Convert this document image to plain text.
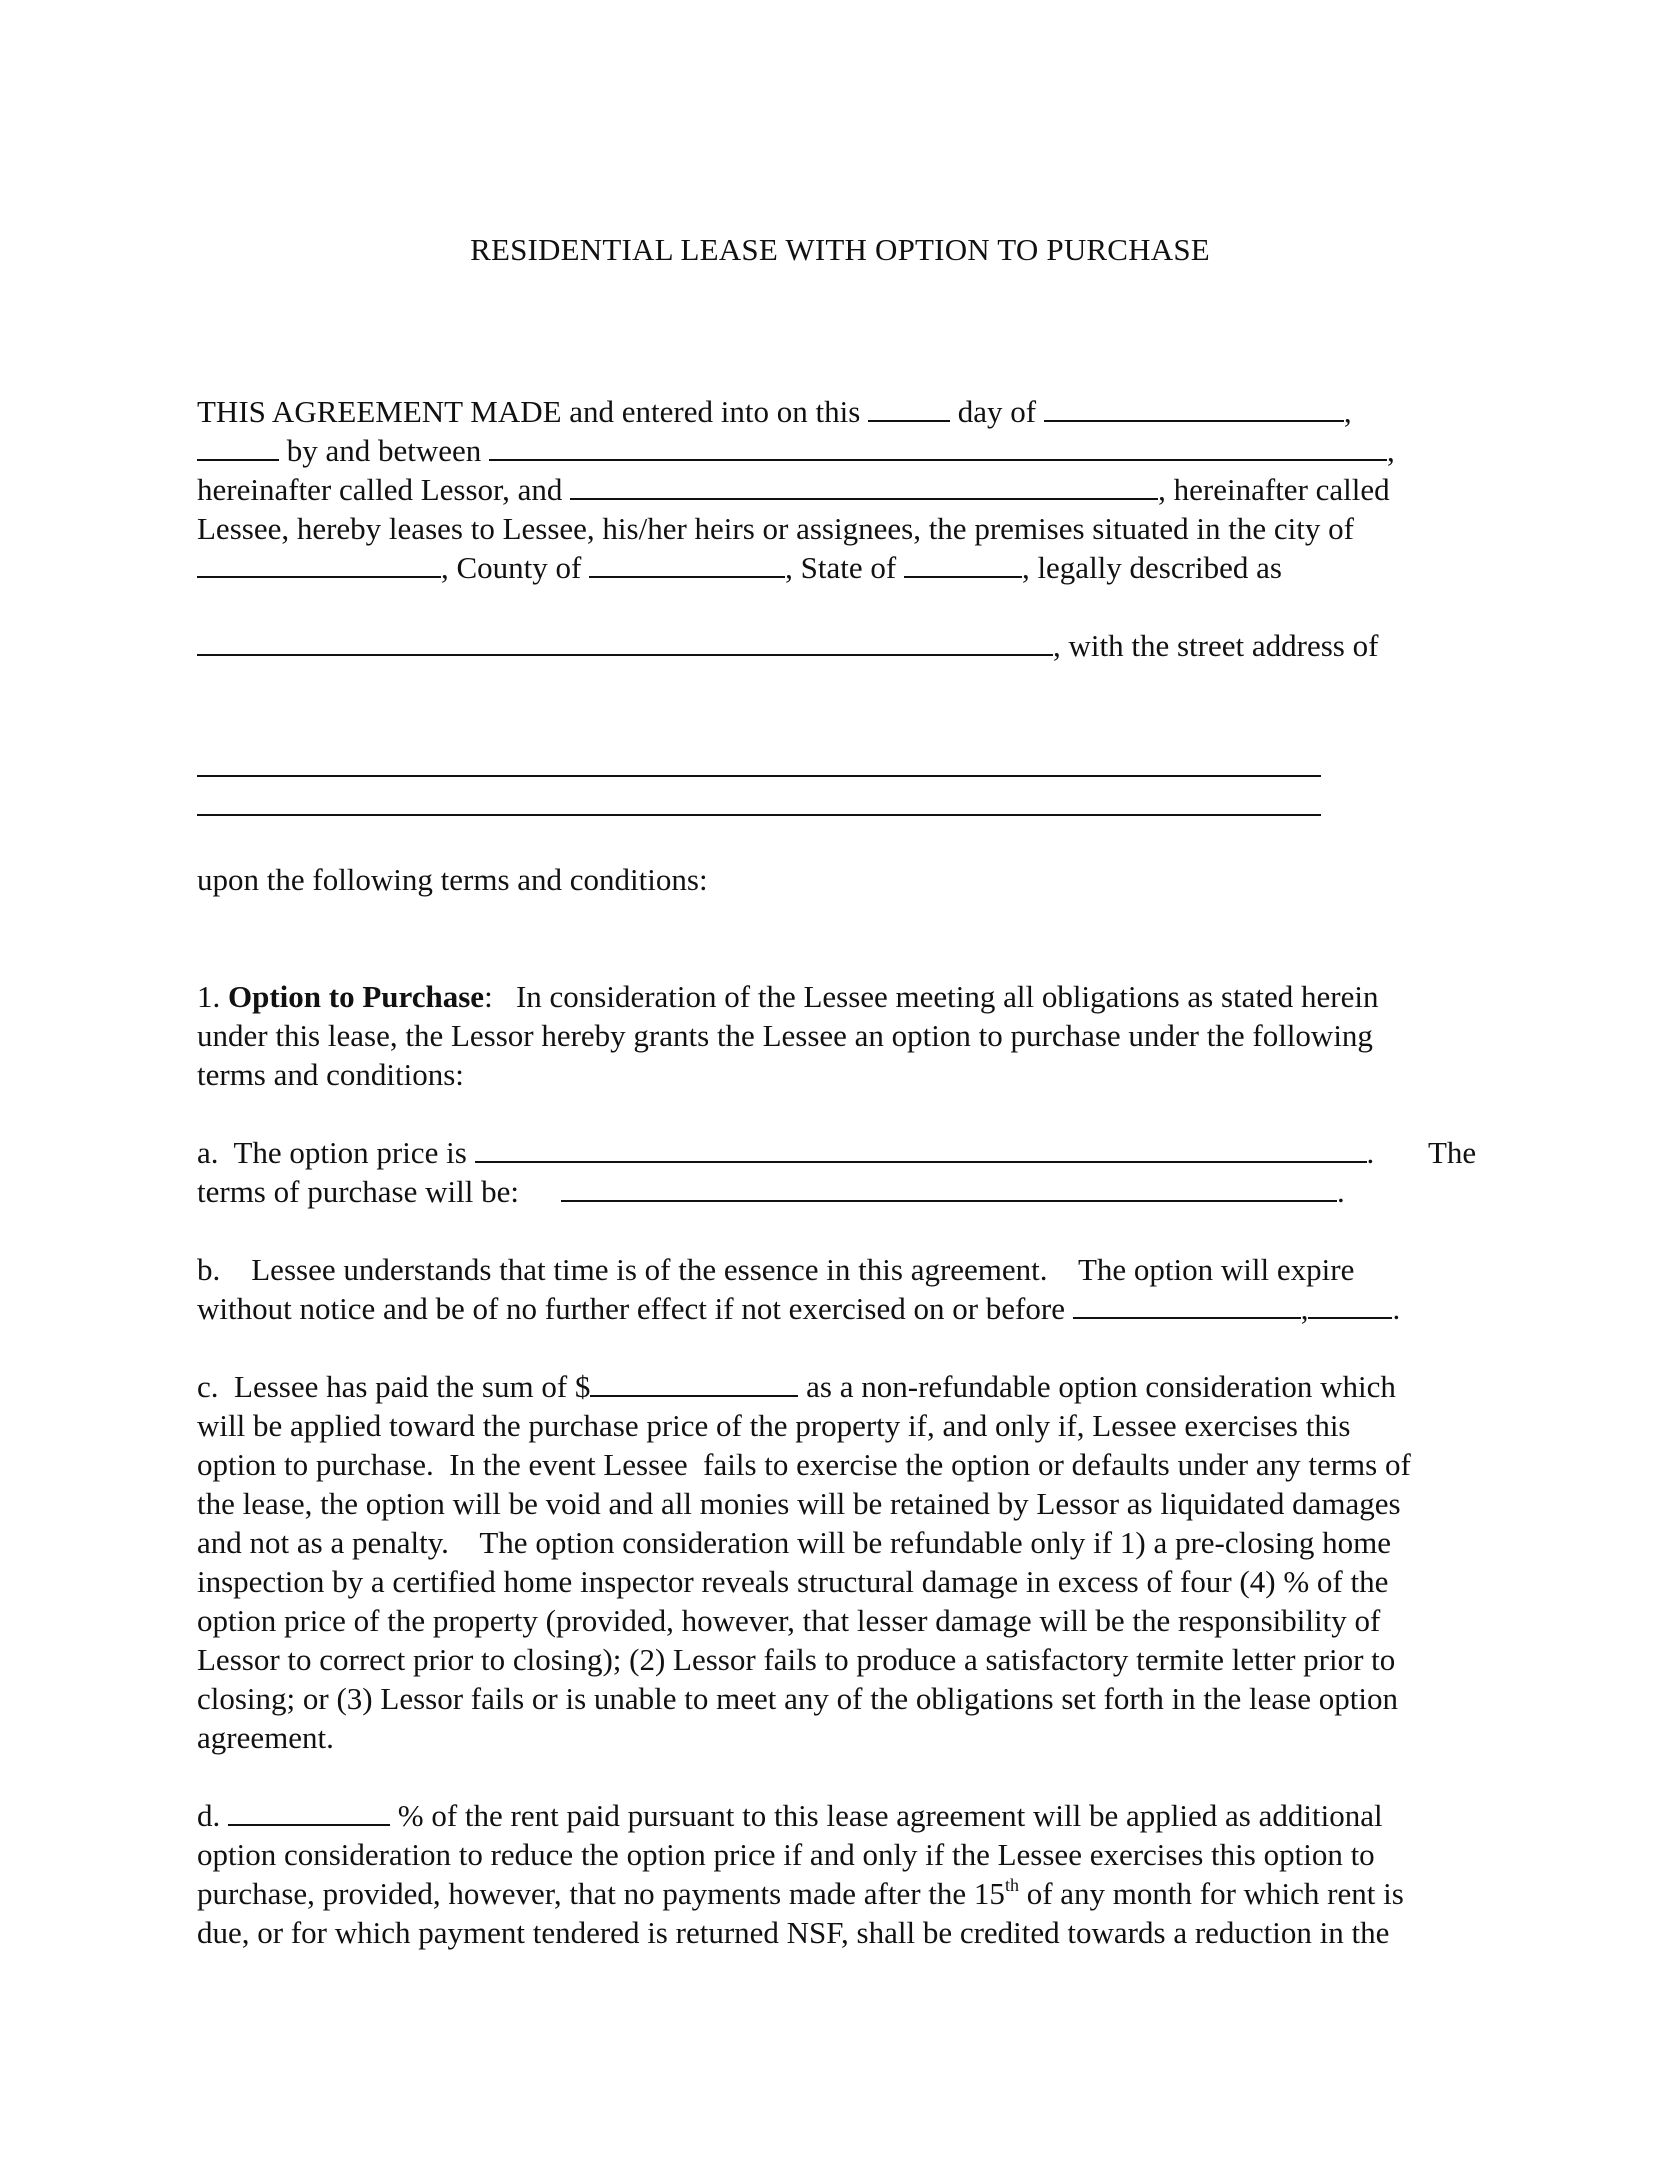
RESIDENTIAL LEASE WITH OPTION TO PURCHASE
THIS AGREEMENT MADE and entered into on this	day of	,
by and between	,
hereinafter called Lessor, and	, hereinafter called
Lessee, hereby leases to Lessee, his/her heirs or assignees, the premises situated in the city of
, County of	, State of	, legally described as
, with the street address of
upon the following terms and conditions:
1. Option to Purchase:   In consideration of the Lessee meeting all obligations as stated herein
under this lease, the Lessor hereby grants the Lessee an option to purchase under the following
terms and conditions:
a.  The option price is	. The
terms of purchase will be:	.
b.    Lessee understands that time is of the essence in this agreement.    The option will expire
without notice and be of no further effect if not exercised on or before	,	.
c.  Lessee has paid the sum of $	as a non-refundable option consideration which
will be applied toward the purchase price of the property if, and only if, Lessee exercises this
option to purchase.  In the event Lessee  fails to exercise the option or defaults under any terms of
the lease, the option will be void and all monies will be retained by Lessor as liquidated damages
and not as a penalty.    The option consideration will be refundable only if 1) a pre-closing home
inspection by a certified home inspector reveals structural damage in excess of four (4) % of the
option price of the property (provided, however, that lesser damage will be the responsibility of
Lessor to correct prior to closing); (2) Lessor fails to produce a satisfactory termite letter prior to
closing; or (3) Lessor fails or is unable to meet any of the obligations set forth in the lease option
agreement.
d.	% of the rent paid pursuant to this lease agreement will be applied as additional
option consideration to reduce the option price if and only if the Lessee exercises this option to
purchase, provided, however, that no payments made after the 15th of any month for which rent is
due, or for which payment tendered is returned NSF, shall be credited towards a reduction in the
